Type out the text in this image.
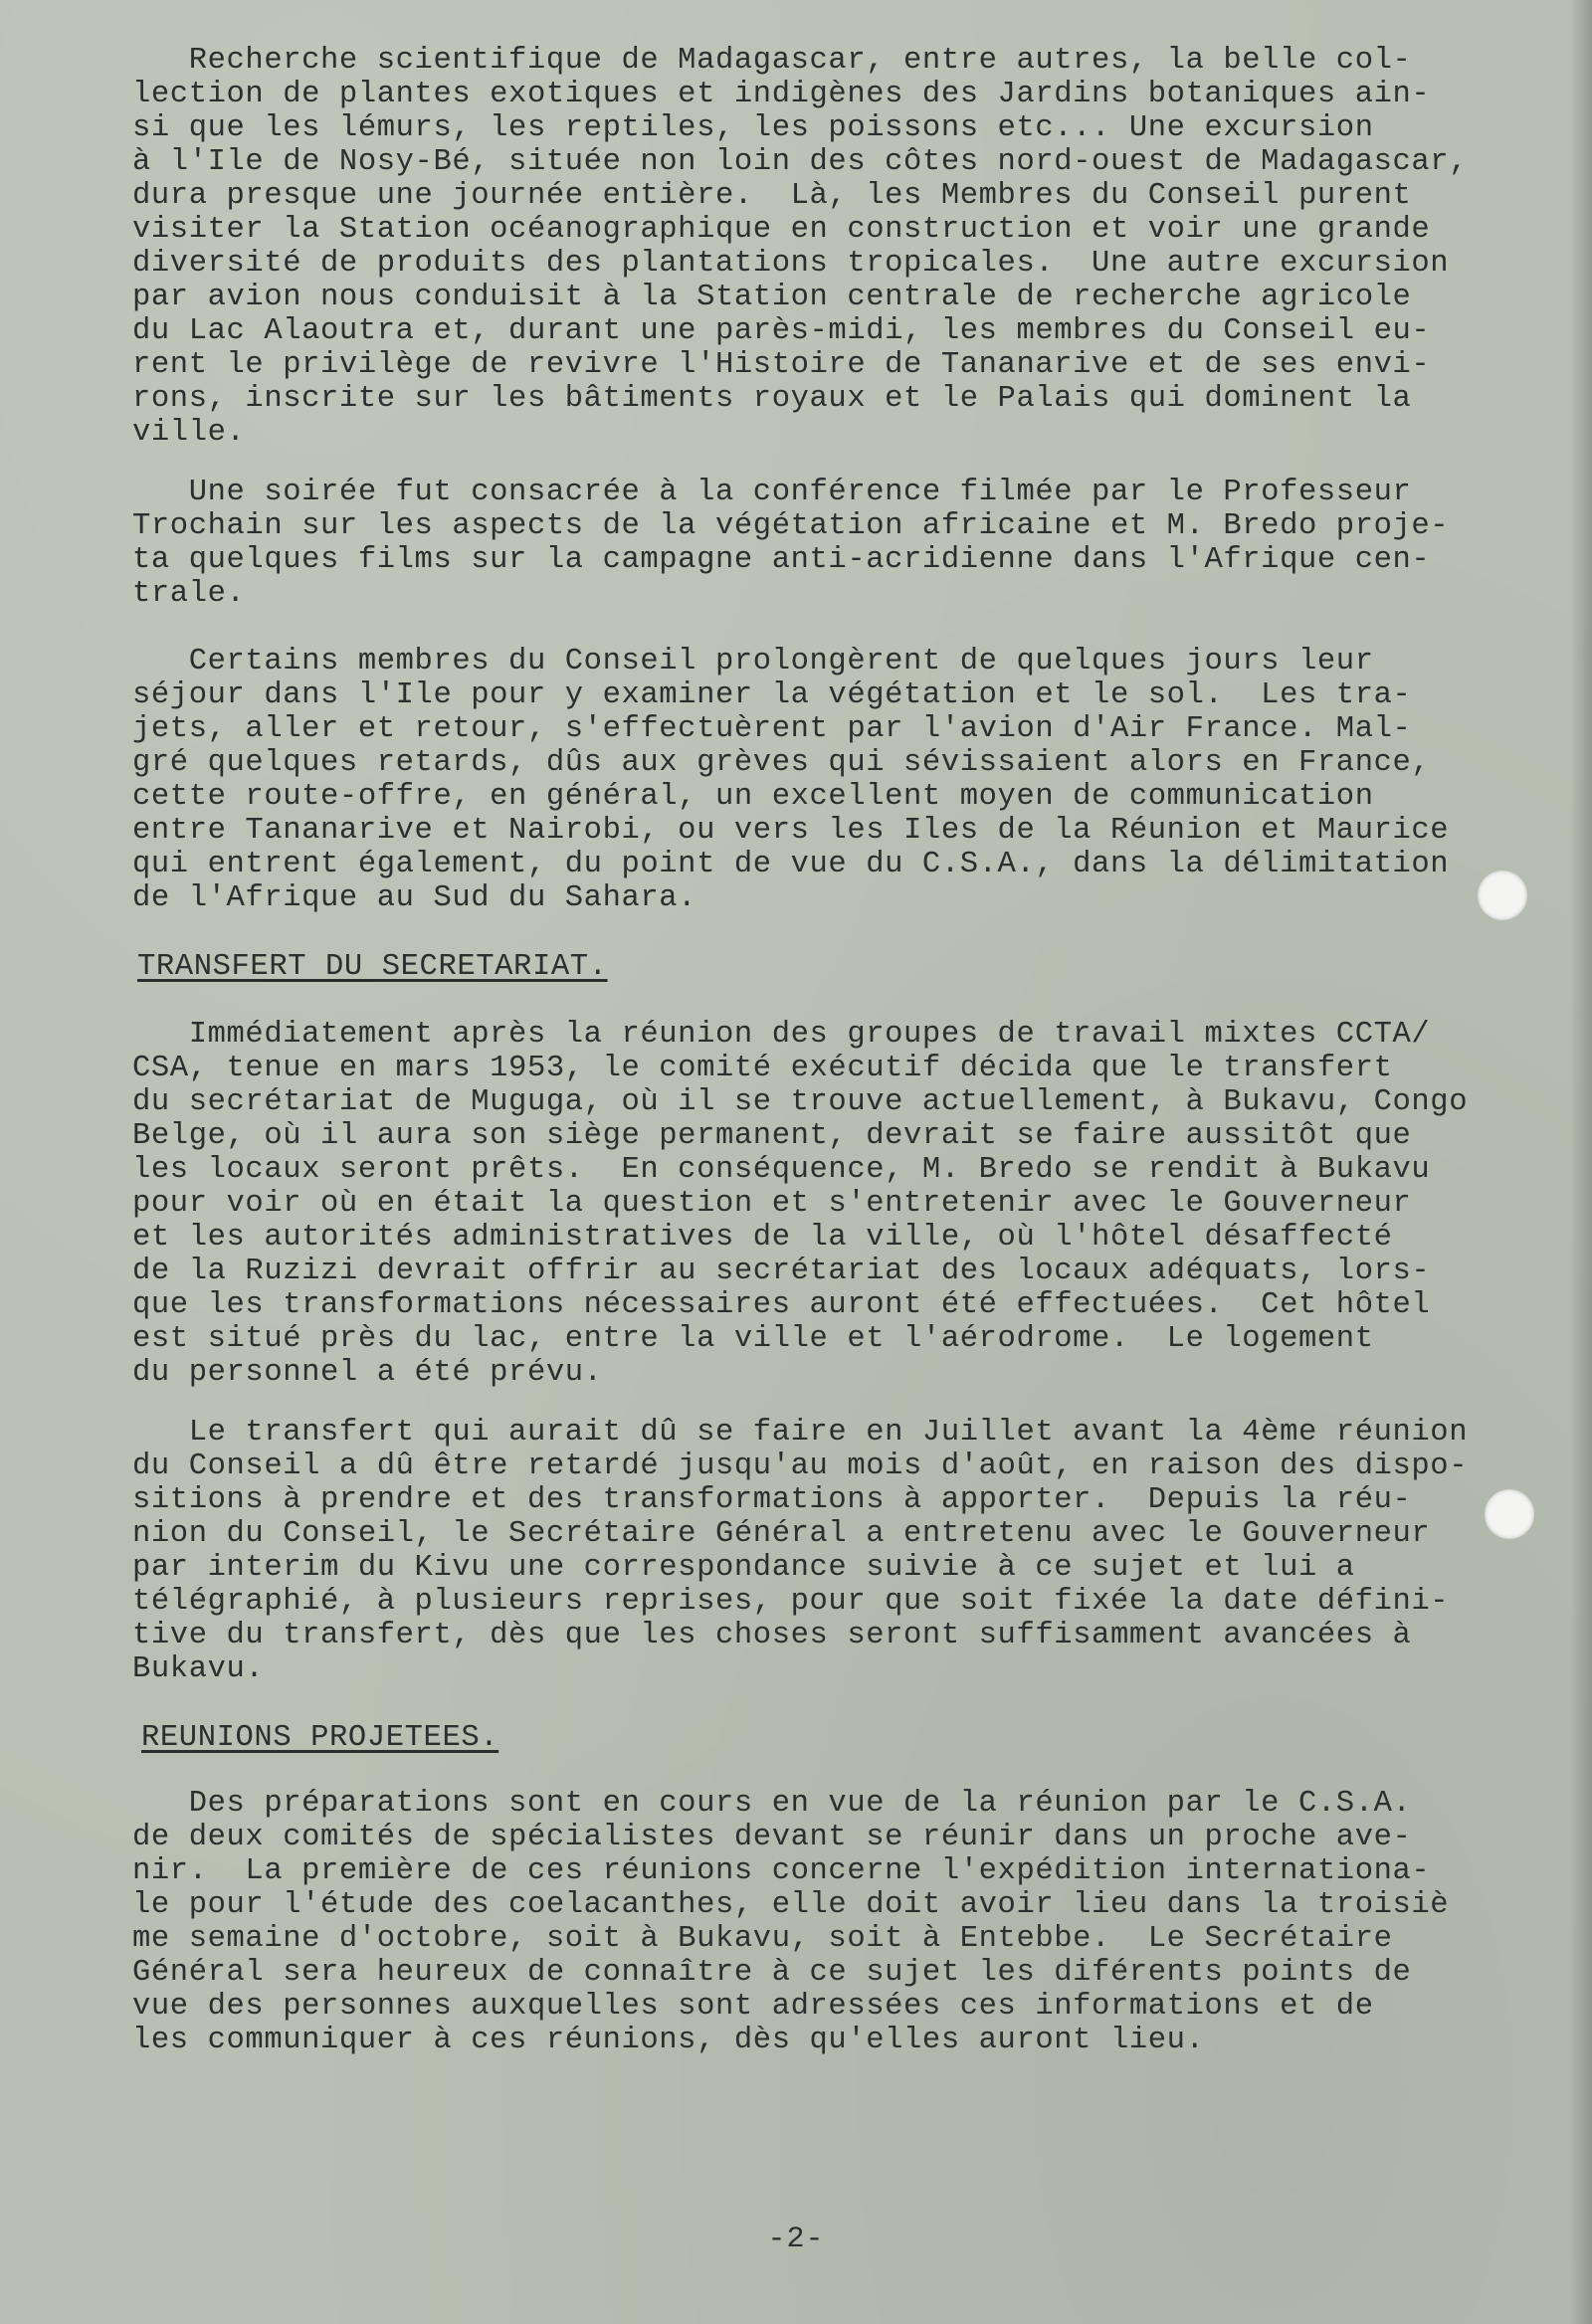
Recherche scientifique de Madagascar, entre autres, la belle col-
lection de plantes exotiques et indigènes des Jardins botaniques ain-
si que les lémurs, les reptiles, les poissons etc... Une excursion
à l'Ile de Nosy-Bé, située non loin des côtes nord-ouest de Madagascar,
dura presque une journée entière.  Là, les Membres du Conseil purent
visiter la Station océanographique en construction et voir une grande
diversité de produits des plantations tropicales.  Une autre excursion
par avion nous conduisit à la Station centrale de recherche agricole
du Lac Alaoutra et, durant une parès-midi, les membres du Conseil eu-
rent le privilège de revivre l'Histoire de Tananarive et de ses envi-
rons, inscrite sur les bâtiments royaux et le Palais qui dominent la
ville.
Une soirée fut consacrée à la conférence filmée par le Professeur
Trochain sur les aspects de la végétation africaine et M. Bredo proje-
ta quelques films sur la campagne anti-acridienne dans l'Afrique cen-
trale.
Certains membres du Conseil prolongèrent de quelques jours leur
séjour dans l'Ile pour y examiner la végétation et le sol.  Les tra-
jets, aller et retour, s'effectuèrent par l'avion d'Air France. Mal-
gré quelques retards, dûs aux grèves qui sévissaient alors en France,
cette route-offre, en général, un excellent moyen de communication
entre Tananarive et Nairobi, ou vers les Iles de la Réunion et Maurice
qui entrent également, du point de vue du C.S.A., dans la délimitation
de l'Afrique au Sud du Sahara.
TRANSFERT DU SECRETARIAT.
Immédiatement après la réunion des groupes de travail mixtes CCTA/
CSA, tenue en mars 1953, le comité exécutif décida que le transfert
du secrétariat de Muguga, où il se trouve actuellement, à Bukavu, Congo
Belge, où il aura son siège permanent, devrait se faire aussitôt que
les locaux seront prêts.  En conséquence, M. Bredo se rendit à Bukavu
pour voir où en était la question et s'entretenir avec le Gouverneur
et les autorités administratives de la ville, où l'hôtel désaffecté
de la Ruzizi devrait offrir au secrétariat des locaux adéquats, lors-
que les transformations nécessaires auront été effectuées.  Cet hôtel
est situé près du lac, entre la ville et l'aérodrome.  Le logement
du personnel a été prévu.
Le transfert qui aurait dû se faire en Juillet avant la 4ème réunion
du Conseil a dû être retardé jusqu'au mois d'août, en raison des dispo-
sitions à prendre et des transformations à apporter.  Depuis la réu-
nion du Conseil, le Secrétaire Général a entretenu avec le Gouverneur
par interim du Kivu une correspondance suivie à ce sujet et lui a
télégraphié, à plusieurs reprises, pour que soit fixée la date défini-
tive du transfert, dès que les choses seront suffisamment avancées à
Bukavu.
REUNIONS PROJETEES.
Des préparations sont en cours en vue de la réunion par le C.S.A.
de deux comités de spécialistes devant se réunir dans un proche ave-
nir.  La première de ces réunions concerne l'expédition internationa-
le pour l'étude des coelacanthes, elle doit avoir lieu dans la troisiè
me semaine d'octobre, soit à Bukavu, soit à Entebbe.  Le Secrétaire
Général sera heureux de connaître à ce sujet les diférents points de
vue des personnes auxquelles sont adressées ces informations et de
les communiquer à ces réunions, dès qu'elles auront lieu.
-2-
